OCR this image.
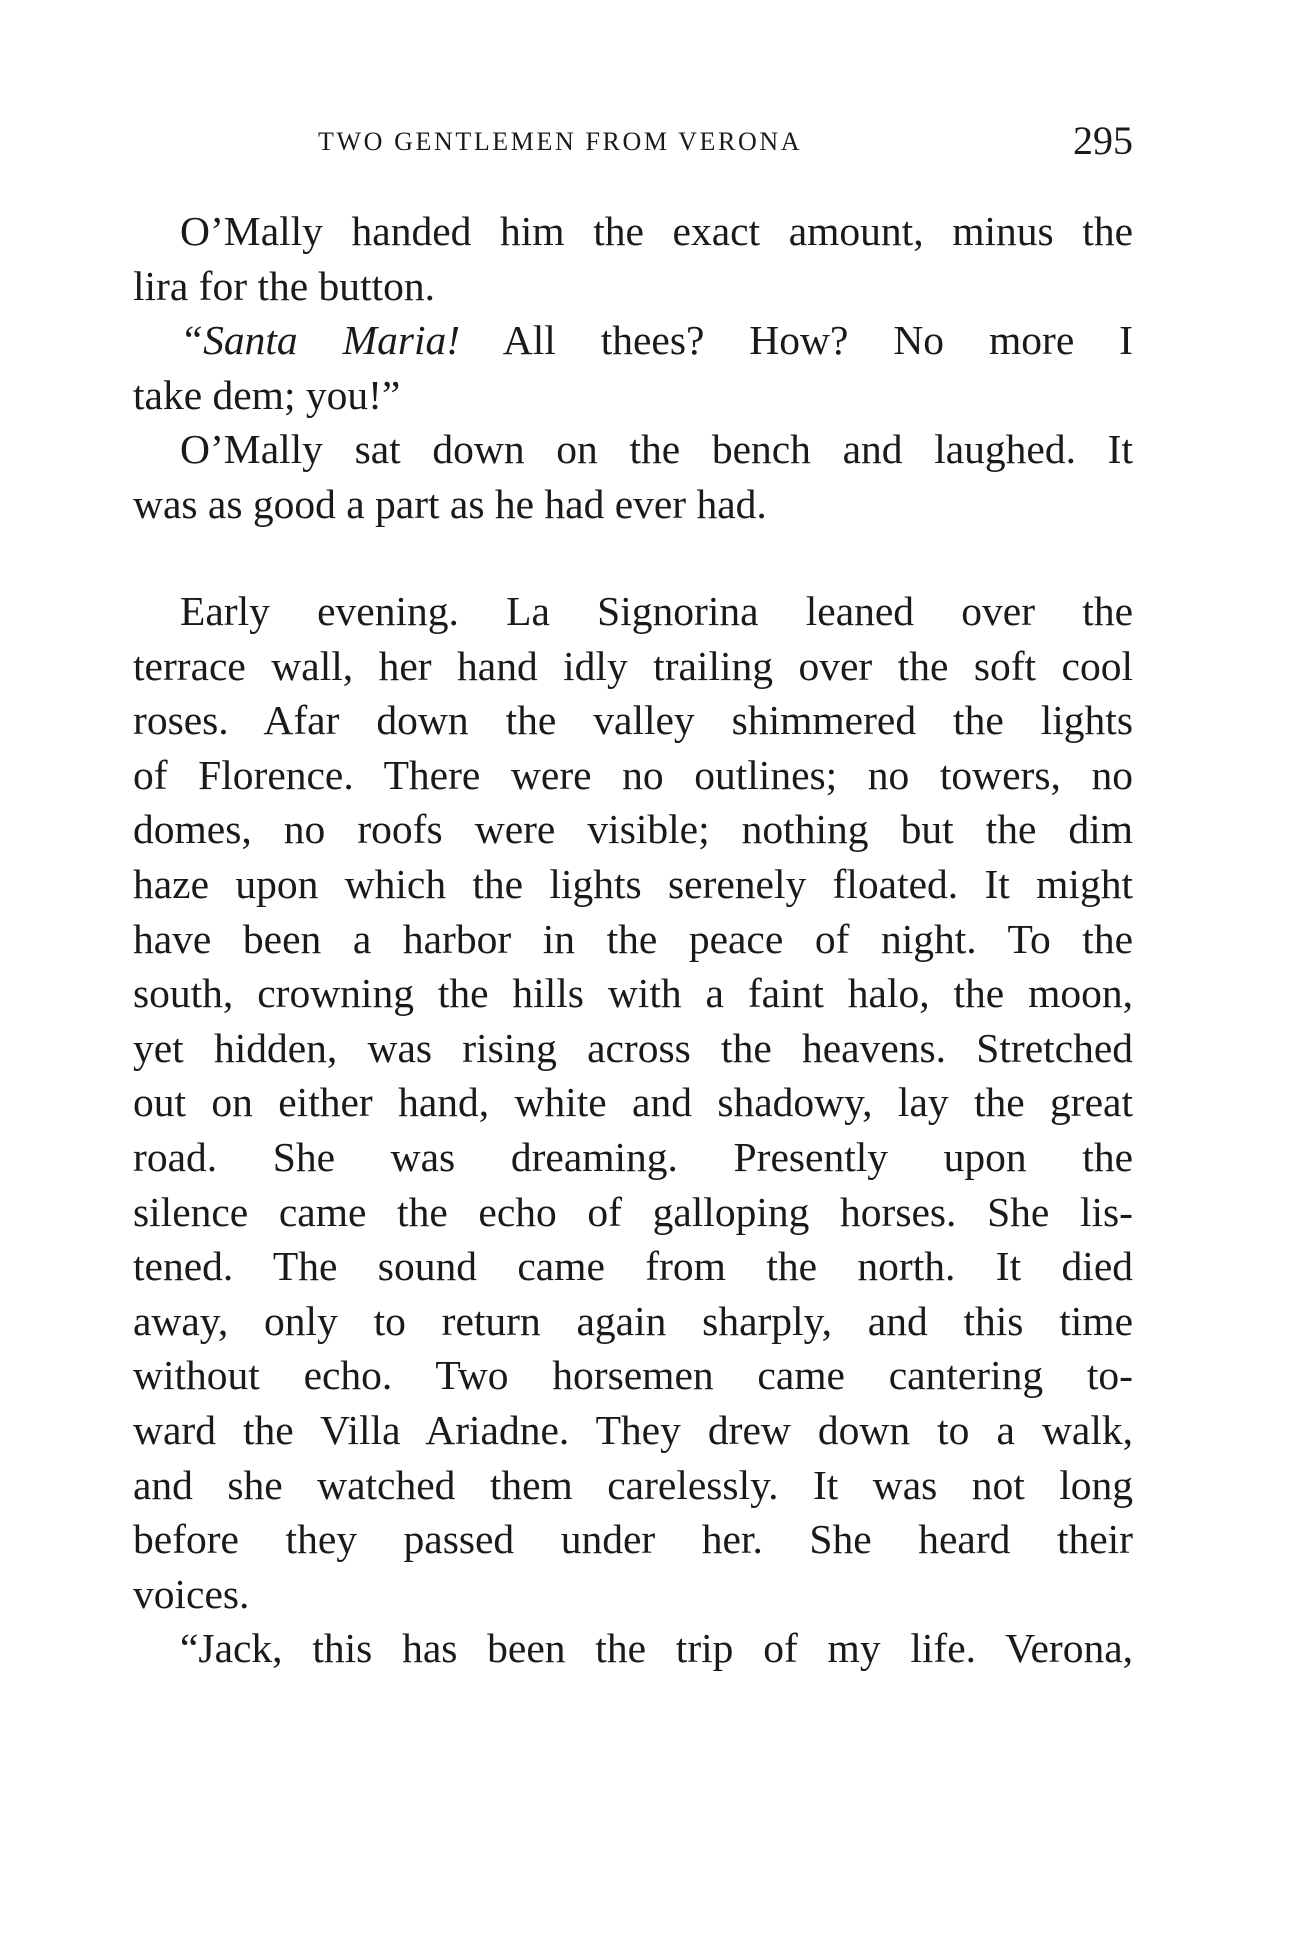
TWO GENTLEMEN FROM VERONA	295
O’Mally handed him the exact amount, minus the
lira for the button.
“Santa Maria! All thees? How? No more I
take dem; you!”
O’Mally sat down on the bench and laughed. It
was as good a part as he had ever had.
Early evening. La Signorina leaned over the
terrace wall, her hand idly trailing over the soft cool
roses. Afar down the valley shimmered the lights
of Florence. There were no outlines; no towers, no
domes, no roofs were visible; nothing but the dim
haze upon which the lights serenely floated. It might
have been a harbor in the peace of night. To the
south, crowning the hills with a faint halo, the moon,
yet hidden, was rising across the heavens. Stretched
out on either hand, white and shadowy, lay the great
road. She was dreaming. Presently upon the
silence came the echo of galloping horses. She lis-
tened. The sound came from the north. It died
away, only to return again sharply, and this time
without echo. Two horsemen came cantering to-
ward the Villa Ariadne. They drew down to a walk,
and she watched them carelessly. It was not long
before they passed under her. She heard their
voices.
“Jack, this has been the trip of my life. Verona,
